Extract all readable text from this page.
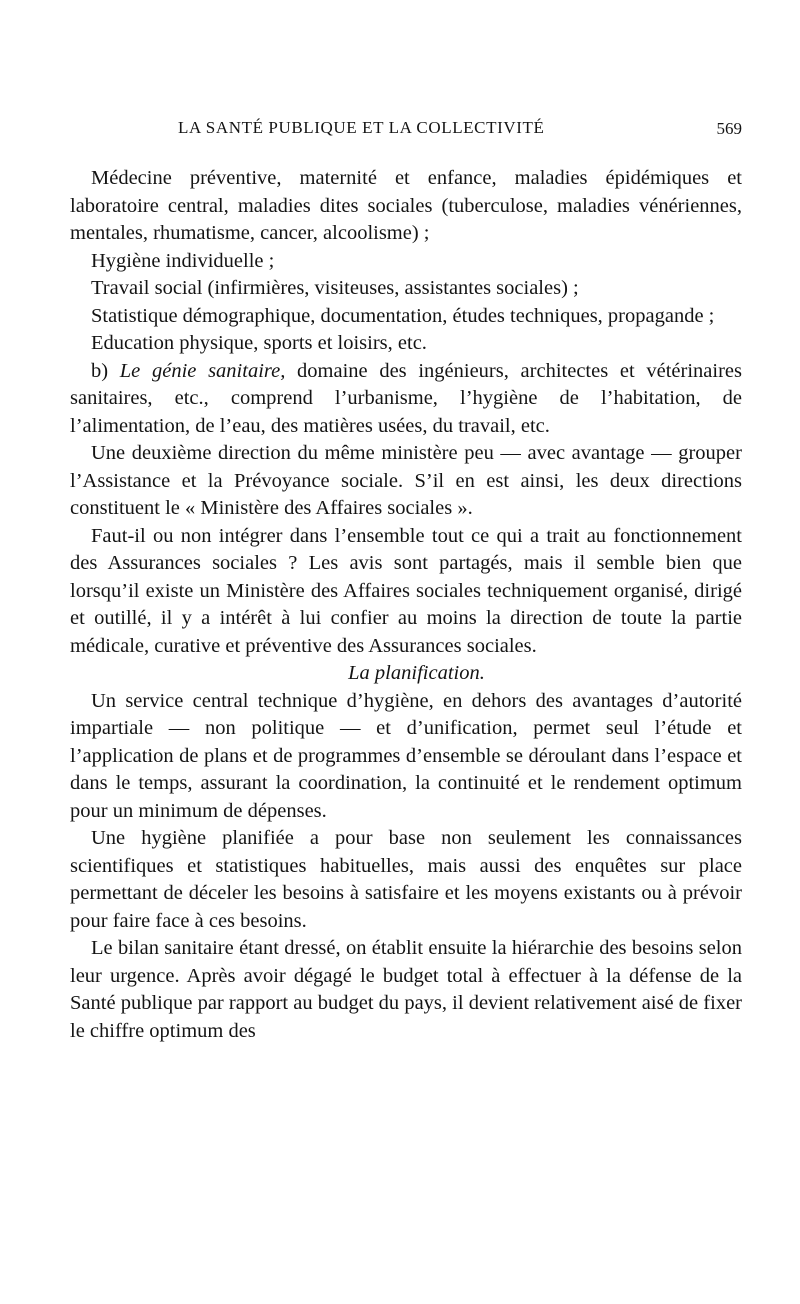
LA SANTÉ PUBLIQUE ET LA COLLECTIVITÉ	569

Médecine préventive, maternité et enfance, maladies épidémiques et laboratoire central, maladies dites sociales (tuberculose, maladies vénériennes, mentales, rhumatisme, cancer, alcoolisme) ;

Hygiène individuelle ;

Travail social (infirmières, visiteuses, assistantes sociales) ;

Statistique démographique, documentation, études techniques, propagande ;

Education physique, sports et loisirs, etc.

b) Le génie sanitaire, domaine des ingénieurs, architectes et vétérinaires sanitaires, etc., comprend l’urbanisme, l’hygiène de l’habitation, de l’alimentation, de l’eau, des matières usées, du travail, etc.

Une deuxième direction du même ministère peu — avec avantage — grouper l’Assistance et la Prévoyance sociale. S’il en est ainsi, les deux directions constituent le « Ministère des Affaires sociales ».

Faut-il ou non intégrer dans l’ensemble tout ce qui a trait au fonctionnement des Assurances sociales ? Les avis sont partagés, mais il semble bien que lorsqu’il existe un Ministère des Affaires sociales techniquement organisé, dirigé et outillé, il y a intérêt à lui confier au moins la direction de toute la partie médicale, curative et préventive des Assurances sociales.

La planification.

Un service central technique d’hygiène, en dehors des avantages d’autorité impartiale — non politique — et d’unification, permet seul l’étude et l’application de plans et de programmes d’ensemble se déroulant dans l’espace et dans le temps, assurant la coordination, la continuité et le rendement optimum pour un minimum de dépenses.

Une hygiène planifiée a pour base non seulement les connaissances scientifiques et statistiques habituelles, mais aussi des enquêtes sur place permettant de déceler les besoins à satisfaire et les moyens existants ou à prévoir pour faire face à ces besoins.

Le bilan sanitaire étant dressé, on établit ensuite la hiérarchie des besoins selon leur urgence. Après avoir dégagé le budget total à effectuer à la défense de la Santé publique par rapport au budget du pays, il devient relativement aisé de fixer le chiffre optimum des
